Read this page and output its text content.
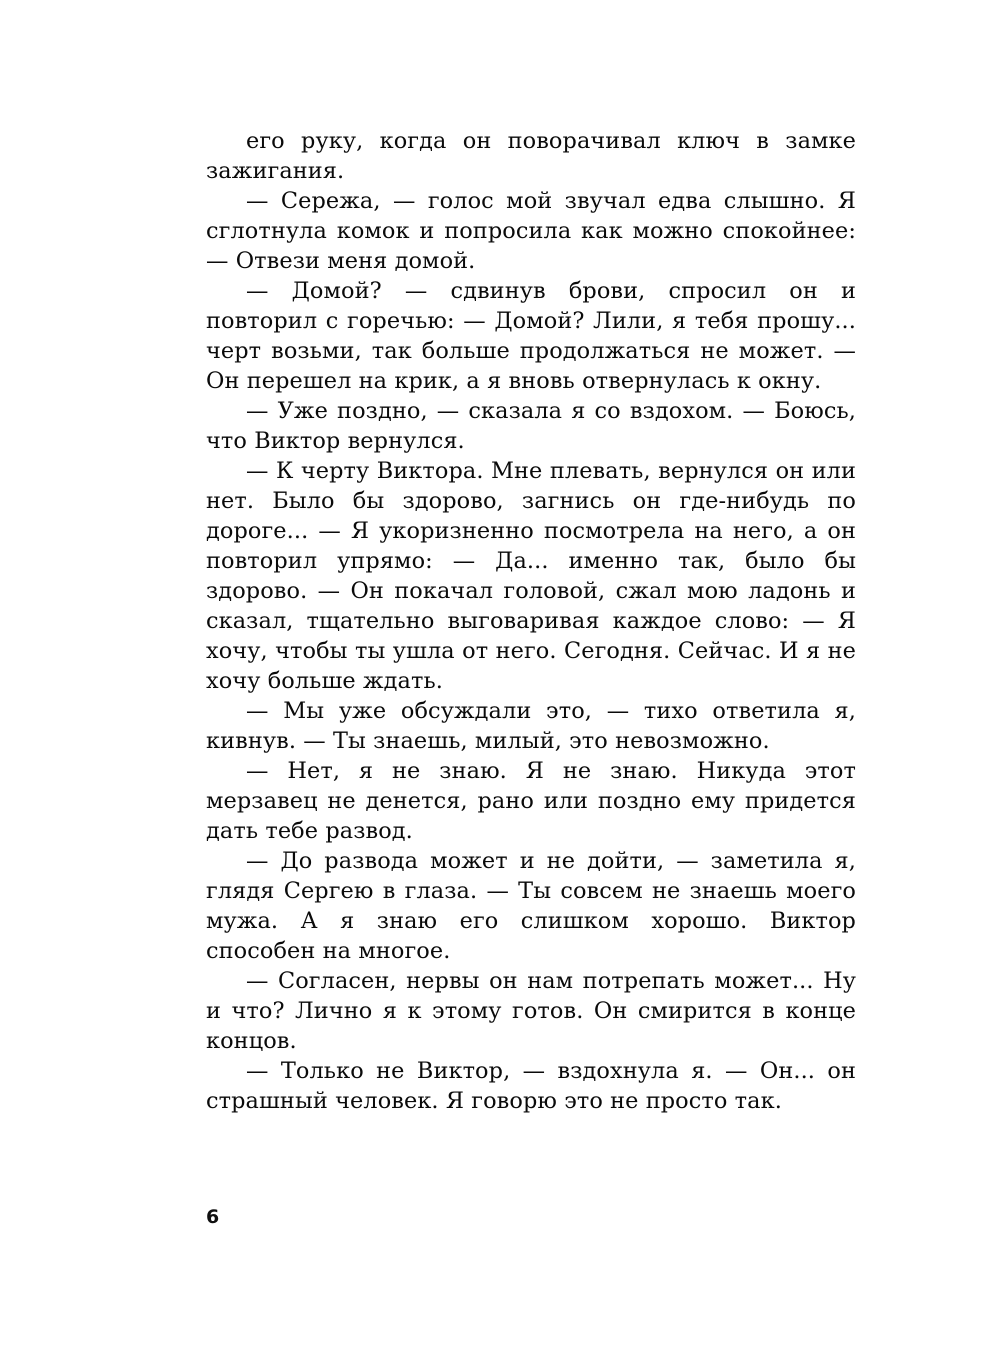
его руку, когда он поворачивал ключ в замке зажигания.

— Сережа, — голос мой звучал едва слышно. Я сглотнула комок и попросила как можно спокойнее: — Отвези меня домой.

— Домой? — сдвинув брови, спросил он и повторил с горечью: — Домой? Лили, я тебя прошу... черт возьми, так больше продолжаться не может. — Он перешел на крик, а я вновь отвернулась к окну.

— Уже поздно, — сказала я со вздохом. — Боюсь, что Виктор вернулся.

— К черту Виктора. Мне плевать, вернулся он или нет. Было бы здорово, загнись он где-нибудь по дороге... — Я укоризненно посмотрела на него, а он повторил упрямо: — Да... именно так, было бы здорово. — Он покачал головой, сжал мою ладонь и сказал, тщательно выговаривая каждое слово: — Я хочу, чтобы ты ушла от него. Сегодня. Сейчас. И я не хочу больше ждать.

— Мы уже обсуждали это, — тихо ответила я, кивнув. — Ты знаешь, милый, это невозможно.

— Нет, я не знаю. Я не знаю. Никуда этот мерзавец не денется, рано или поздно ему придется дать тебе развод.

— До развода может и не дойти, — заметила я, глядя Сергею в глаза. — Ты совсем не знаешь моего мужа. А я знаю его слишком хорошо. Виктор способен на многое.

— Согласен, нервы он нам потрепать может... Ну и что? Лично я к этому готов. Он смирится в конце концов.

— Только не Виктор, — вздохнула я. — Он... он страшный человек. Я говорю это не просто так.

6
